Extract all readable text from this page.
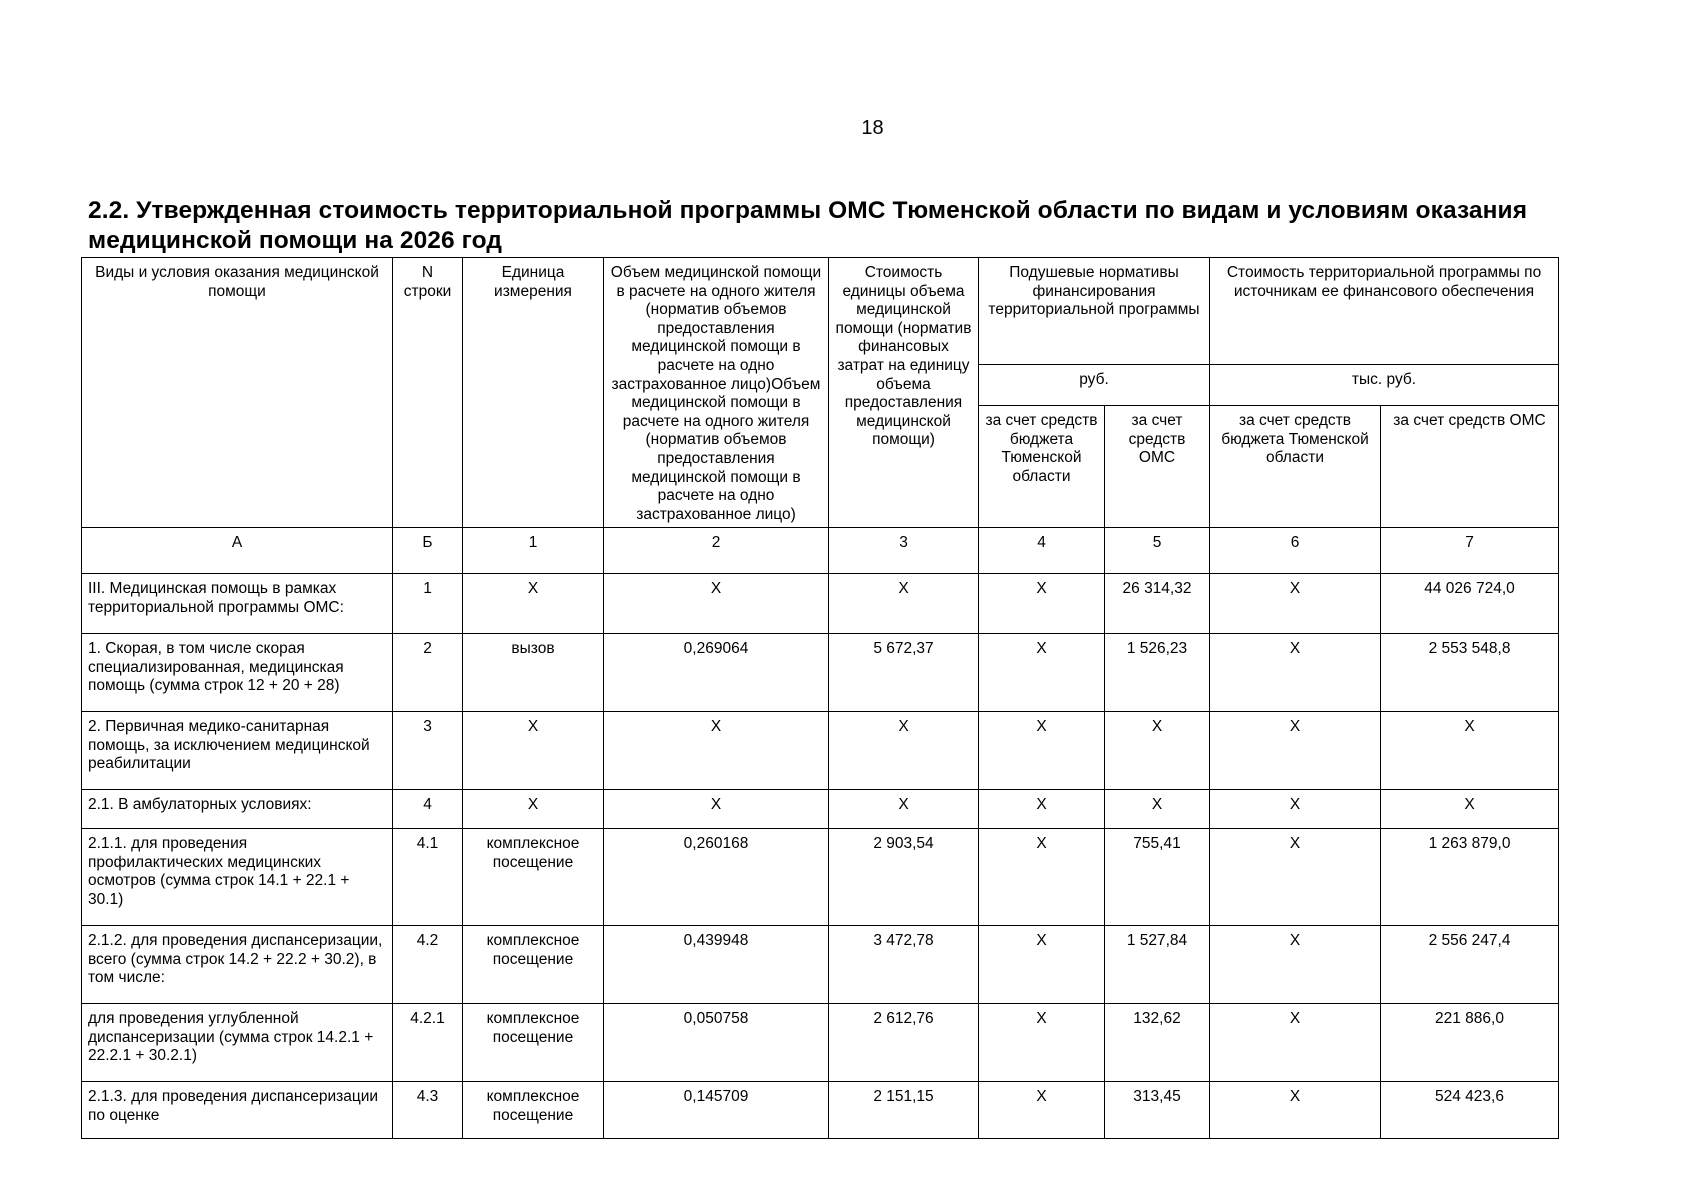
18
2.2. Утвержденная стоимость территориальной программы ОМС Тюменской области по видам и условиям оказания медицинской помощи на 2026 год
Виды и условия оказания медицинской помощи	N строки	Единица измерения	Объем медицинской помощи в расчете на одного жителя (норматив объемов предоставления медицинской помощи в расчете на одно застрахованное лицо)Объем медицинской помощи в расчете на одного жителя (норматив объемов предоставления медицинской помощи в расчете на одно застрахованное лицо)	Стоимость единицы объема медицинской помощи (норматив финансовых затрат на единицу объема предоставления медицинской помощи)	Подушевые нормативы финансирования территориальной программы		Стоимость территориальной программы по источникам ее финансового обеспечения	
					руб.		тыс. руб.	
					за счет средств бюджета Тюменской области	за счет средств ОМС	за счет средств бюджета Тюменской области	за счет средств ОМС
А	Б	1	2	3	4	5	6	7
III. Медицинская помощь в рамках территориальной программы ОМС:	1	X	X	X	X	26 314,32	X	44 026 724,0
1. Скорая, в том числе скорая специализированная, медицинская помощь (сумма строк 12 + 20 + 28)	2	вызов	0,269064	5 672,37	X	1 526,23	X	2 553 548,8
2. Первичная медико-санитарная помощь, за исключением медицинской реабилитации	3	X	X	X	X	X	X	X
2.1. В амбулаторных условиях:	4	X	X	X	X	X	X	X
2.1.1. для проведения профилактических медицинских осмотров (сумма строк 14.1 + 22.1 + 30.1)	4.1	комплексное посещение	0,260168	2 903,54	X	755,41	X	1 263 879,0
2.1.2. для проведения диспансеризации, всего (сумма строк 14.2 + 22.2 + 30.2), в том числе:	4.2	комплексное посещение	0,439948	3 472,78	X	1 527,84	X	2 556 247,4
для проведения углубленной диспансеризации (сумма строк 14.2.1 + 22.2.1 + 30.2.1)	4.2.1	комплексное посещение	0,050758	2 612,76	X	132,62	X	221 886,0
2.1.3. для проведения диспансеризации по оценке	4.3	комплексное посещение	0,145709	2 151,15	X	313,45	X	524 423,6
